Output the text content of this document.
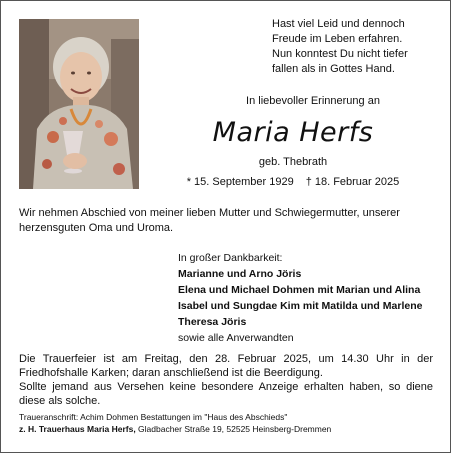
Hast viel Leid und dennoch
Freude im Leben erfahren.
Nun konntest Du nicht tiefer
fallen als in Gottes Hand.
In liebevoller Erinnerung an
Maria Herfs
geb. Thebrath
* 15. September 1929 † 18. Februar 2025
Wir nehmen Abschied von meiner lieben Mutter und Schwiegermutter, unserer herzensguten Oma und Uroma.
In großer Dankbarkeit:
Marianne und Arno Jöris
Elena und Michael Dohmen mit Marian und Alina
Isabel und Sungdae Kim mit Matilda und Marlene
Theresa Jöris
sowie alle Anverwandten

Die Trauerfeier ist am Freitag, den 28. Februar 2025, um 14.30 Uhr in der Friedhofshalle Karken; daran anschließend ist die Beerdigung.

Sollte jemand aus Versehen keine besondere Anzeige erhalten haben, so diene diese als solche.

Traueranschrift: Achim Dohmen Bestattungen im "Haus des Abschieds"
z. H. Trauerhaus Maria Herfs, Gladbacher Straße 19, 52525 Heinsberg-Dremmen
